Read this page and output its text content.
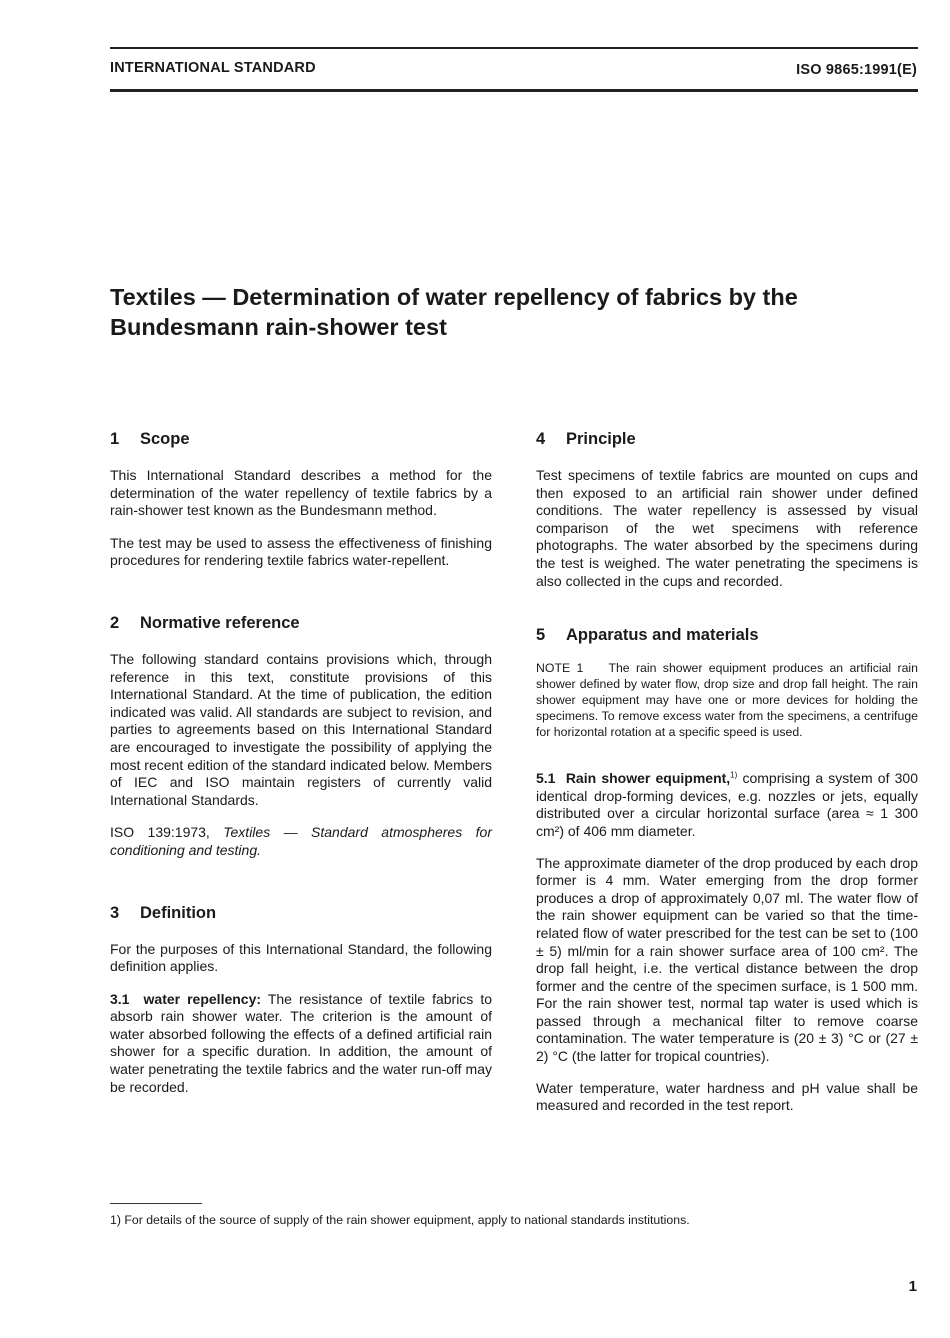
INTERNATIONAL STANDARD	ISO 9865:1991(E)
Textiles — Determination of water repellency of fabrics by the
Bundesmann rain-shower test
1 Scope

This International Standard describes a method for the determination of the water repellency of textile fabrics by a rain-shower test known as the Bundesmann method.

The test may be used to assess the effectiveness of finishing procedures for rendering textile fabrics water-repellent.

2 Normative reference

The following standard contains provisions which, through reference in this text, constitute provisions of this International Standard. At the time of publication, the edition indicated was valid. All standards are subject to revision, and parties to agreements based on this International Standard are encouraged to investigate the possibility of applying the most recent edition of the standard indicated below. Members of IEC and ISO maintain registers of currently valid International Standards.

ISO 139:1973, Textiles — Standard atmospheres for conditioning and testing.

3 Definition

For the purposes of this International Standard, the following definition applies.

3.1 water repellency: The resistance of textile fabrics to absorb rain shower water. The criterion is the amount of water absorbed following the effects of a defined artificial rain shower for a specific duration. In addition, the amount of water penetrating the textile fabrics and the water run-off may be recorded.

4 Principle

Test specimens of textile fabrics are mounted on cups and then exposed to an artificial rain shower under defined conditions. The water repellency is assessed by visual comparison of the wet specimens with reference photographs. The water absorbed by the specimens during the test is weighed. The water penetrating the specimens is also collected in the cups and recorded.

5 Apparatus and materials

NOTE 1    The rain shower equipment produces an artificial rain shower defined by water flow, drop size and drop fall height. The rain shower equipment may have one or more devices for holding the specimens. To remove excess water from the specimens, a centrifuge for horizontal rotation at a specific speed is used.

5.1 Rain shower equipment,$^{1)}$ comprising a system of 300 identical drop-forming devices, e.g. nozzles or jets, equally distributed over a circular horizontal surface (area ≈ 1 300 cm²) of 406 mm diameter.

The approximate diameter of the drop produced by each drop former is 4 mm. Water emerging from the drop former produces a drop of approximately 0,07 ml. The water flow of the rain shower equipment can be varied so that the time-related flow of water prescribed for the test can be set to (100 ± 5) ml/min for a rain shower surface area of 100 cm². The drop fall height, i.e. the vertical distance between the drop former and the centre of the specimen surface, is 1 500 mm. For the rain shower test, normal tap water is used which is passed through a mechanical filter to remove coarse contamination. The water temperature is (20 ± 3) °C or (27 ± 2) °C (the latter for tropical countries).

Water temperature, water hardness and pH value shall be measured and recorded in the test report.

1) For details of the source of supply of the rain shower equipment, apply to national standards institutions.
1
